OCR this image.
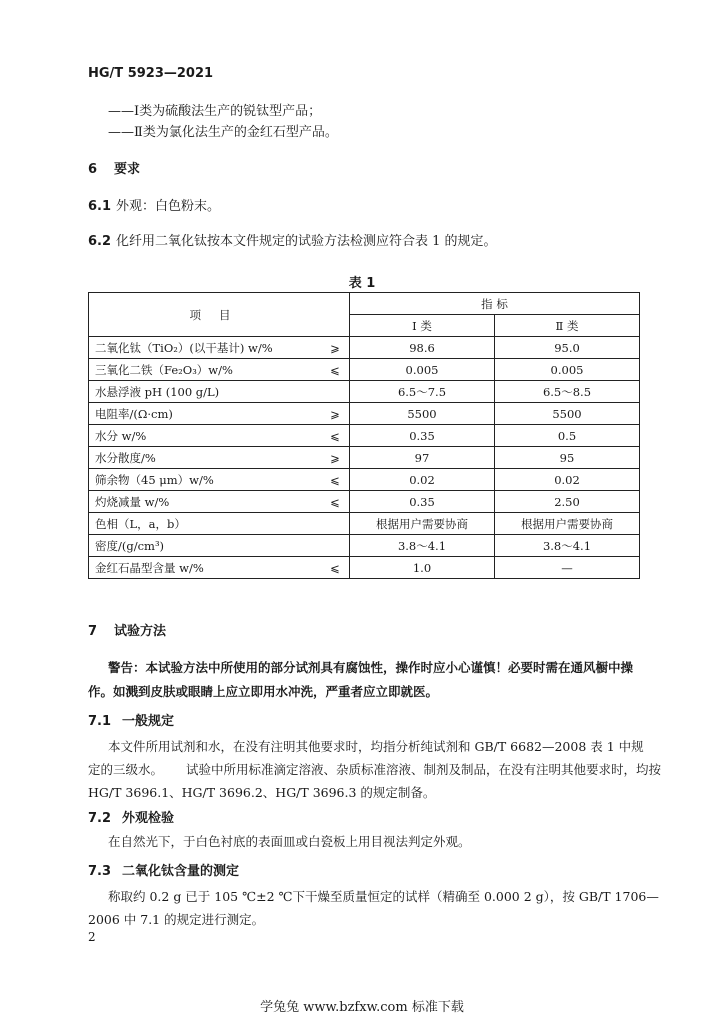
HG/T 5923—2021
——Ⅰ类为硫酸法生产的锐钛型产品；
——Ⅱ类为氯化法生产的金红石型产品。
6 要求
6.1 外观：白色粉末。
6.2 化纤用二氧化钛按本文件规定的试验方法检测应符合表 1 的规定。
表 1
项目		指 标	
		Ⅰ 类	Ⅱ 类
二氧化钛（TiO₂）(以干基计) w/%	⩾	98.6	95.0
三氧化二铁（Fe₂O₃）w/%	⩽	0.005	0.005
水悬浮液 pH (100 g/L)		6.5～7.5	6.5～8.5
电阻率/(Ω·cm)	⩾	5500	5500
水分 w/%	⩽	0.35	0.5
水分散度/%	⩾	97	95
筛余物（45 μm）w/%	⩽	0.02	0.02
灼烧减量 w/%	⩽	0.35	2.50
色相（L，a，b）		根据用户需要协商	根据用户需要协商
密度/(g/cm³)		3.8～4.1	3.8～4.1
金红石晶型含量 w/%	⩽	1.0	—
7 试验方法
警告：本试验方法中所使用的部分试剂具有腐蚀性，操作时应小心谨慎！必要时需在通风橱中操
作。如溅到皮肤或眼睛上应立即用水冲洗，严重者应立即就医。
7.1 一般规定
本文件所用试剂和水，在没有注明其他要求时，均指分析纯试剂和 GB/T 6682—2008 表 1 中规
定的三级水。	试验中所用标准滴定溶液、杂质标准溶液、制剂及制品，在没有注明其他要求时，均按
HG/T 3696.1、HG/T 3696.2、HG/T 3696.3 的规定制备。
7.2 外观检验
在自然光下，于白色衬底的表面皿或白瓷板上用目视法判定外观。
7.3 二氧化钛含量的测定
称取约 0.2 g 已于 105 ℃±2 ℃下干燥至质量恒定的试样（精确至 0.000 2 g），按 GB/T 1706—
2006 中 7.1 的规定进行测定。
2
学兔兔 www.bzfxw.com 标准下载
